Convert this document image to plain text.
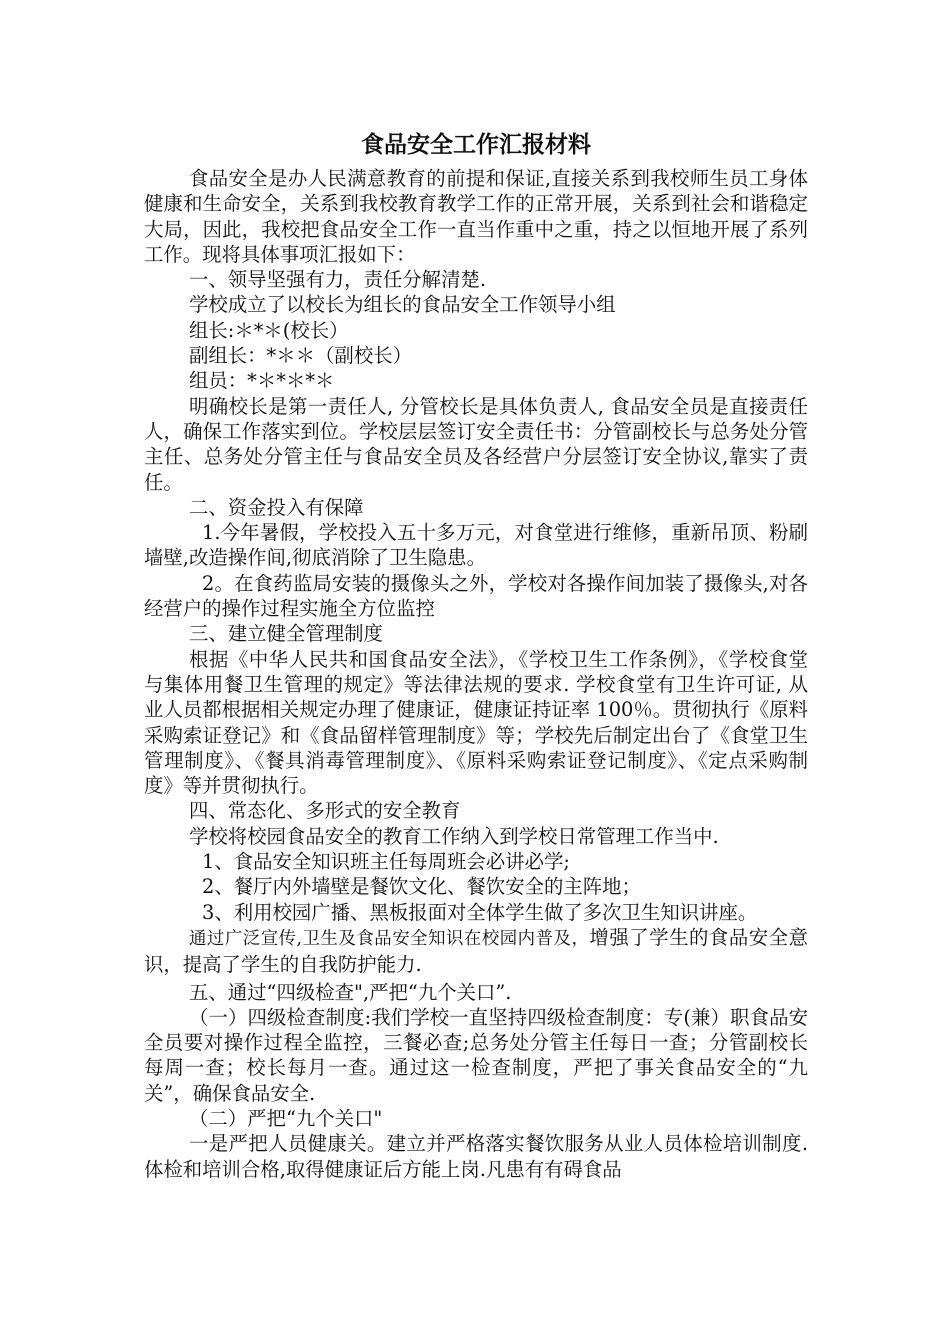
食品安全工作汇报材料

食品安全是办人民满意教育的前提和保证,直接关系到我校师生员工身体健康和生命安全，关系到我校教育教学工作的正常开展，关系到社会和谐稳定大局，因此，我校把食品安全工作一直当作重中之重，持之以恒地开展了系列工作。现将具体事项汇报如下：

一、领导坚强有力，责任分解清楚.

学校成立了以校长为组长的食品安全工作领导小组

组长:＊*＊(校长）

副组长：*＊＊（副校长）

组员：*＊*＊*＊

明确校长是第一责任人, 分管校长是具体负责人, 食品安全员是直接责任人，确保工作落实到位。学校层层签订安全责任书：分管副校长与总务处分管主任、总务处分管主任与食品安全员及各经营户分层签订安全协议,靠实了责任。

二、资金投入有保障

1.今年暑假，学校投入五十多万元，对食堂进行维修，重新吊顶、粉刷墙壁,改造操作间,彻底消除了卫生隐患。

2。在食药监局安装的摄像头之外，学校对各操作间加装了摄像头,对各经营户的操作过程实施全方位监控

三、建立健全管理制度

根据《中华人民共和国食品安全法》，《学校卫生工作条例》，《学校食堂与集体用餐卫生管理的规定》等法律法规的要求. 学校食堂有卫生许可证, 从业人员都根据相关规定办理了健康证，健康证持证率 100％。贯彻执行《原料采购索证登记》和《食品留样管理制度》等；学校先后制定出台了《食堂卫生管理制度》、《餐具消毒管理制度》、《原料采购索证登记制度》、《定点采购制度》等并贯彻执行。

四、常态化、多形式的安全教育

学校将校园食品安全的教育工作纳入到学校日常管理工作当中.

1、食品安全知识班主任每周班会必讲必学;

2、餐厅内外墙壁是餐饮文化、餐饮安全的主阵地；

3、利用校园广播、黑板报面对全体学生做了多次卫生知识讲座。

通过广泛宣传,卫生及食品安全知识在校园内普及，增强了学生的食品安全意识，提高了学生的自我防护能力.

五、通过“四级检查",严把“九个关口”.

（一）四级检查制度:我们学校一直坚持四级检查制度：专(兼）职食品安全员要对操作过程全监控，三餐必查;总务处分管主任每日一查；分管副校长每周一查；校长每月一查。通过这一检查制度，严把了事关食品安全的“九关”，确保食品安全.

（二）严把“九个关口"

一是严把人员健康关。建立并严格落实餐饮服务从业人员体检培训制度.体检和培训合格,取得健康证后方能上岗.凡患有有碍食品
